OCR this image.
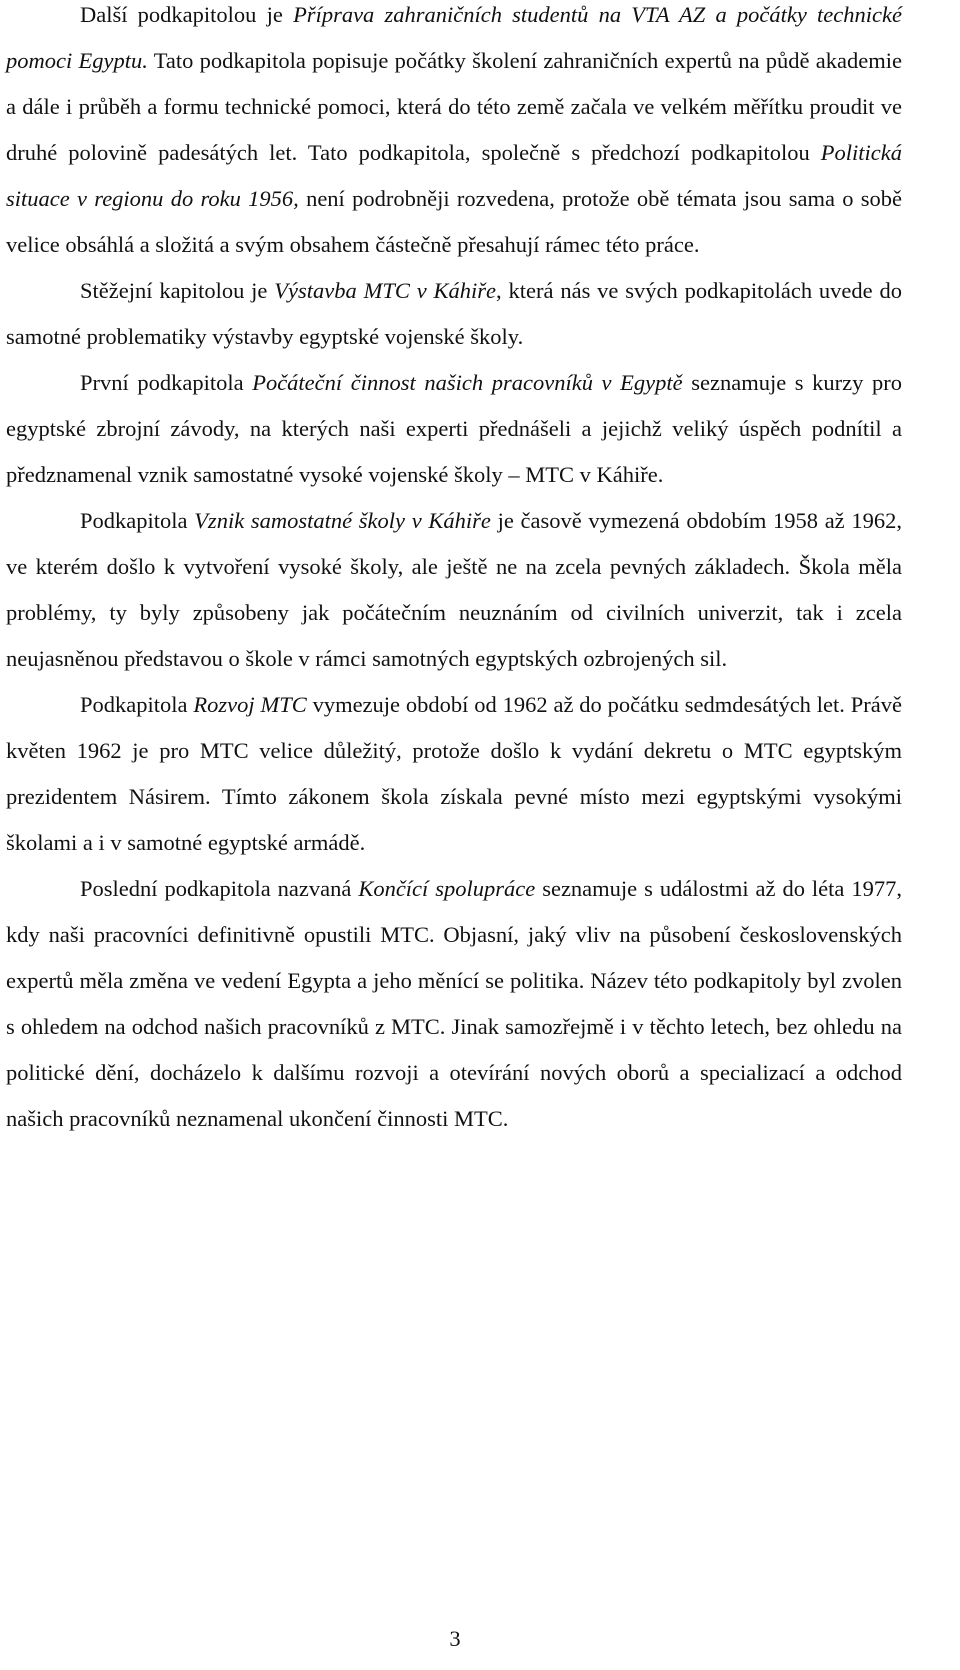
Další podkapitolou je Příprava zahraničních studentů na VTA AZ a počátky technické pomoci Egyptu. Tato podkapitola popisuje počátky školení zahraničních expertů na půdě akademie a dále i průběh a formu technické pomoci, která do této země začala ve velkém měřítku proudit ve druhé polovině padesátých let. Tato podkapitola, společně s předchozí podkapitolou Politická situace v regionu do roku 1956, není podrobněji rozvedena, protože obě témata jsou sama o sobě velice obsáhlá a složitá a svým obsahem částečně přesahují rámec této práce.

Stěžejní kapitolou je Výstavba MTC v Káhiře, která nás ve svých podkapitolách uvede do samotné problematiky výstavby egyptské vojenské školy.

První podkapitola Počáteční činnost našich pracovníků v Egyptě seznamuje s kurzy pro egyptské zbrojní závody, na kterých naši experti přednášeli a jejichž veliký úspěch podnítil a předznamenal vznik samostatné vysoké vojenské školy – MTC v Káhiře.

Podkapitola Vznik samostatné školy v Káhiře je časově vymezená obdobím 1958 až 1962, ve kterém došlo k vytvoření vysoké školy, ale ještě ne na zcela pevných základech. Škola měla problémy, ty byly způsobeny jak počátečním neuznáním od civilních univerzit, tak i zcela neujasněnou představou o škole v rámci samotných egyptských ozbrojených sil.

Podkapitola Rozvoj MTC vymezuje období od 1962 až do počátku sedmdesátých let. Právě květen 1962 je pro MTC velice důležitý, protože došlo k vydání dekretu o MTC egyptským prezidentem Násirem. Tímto zákonem škola získala pevné místo mezi egyptskými vysokými školami a i v samotné egyptské armádě.

Poslední podkapitola nazvaná Končící spolupráce seznamuje s událostmi až do léta 1977, kdy naši pracovníci definitivně opustili MTC. Objasní, jaký vliv na působení československých expertů měla změna ve vedení Egypta a jeho měnící se politika. Název této podkapitoly byl zvolen s ohledem na odchod našich pracovníků z MTC. Jinak samozřejmě i v těchto letech, bez ohledu na politické dění, docházelo k dalšímu rozvoji a otevírání nových oborů a specializací a odchod našich pracovníků neznamenal ukončení činnosti MTC.

3
